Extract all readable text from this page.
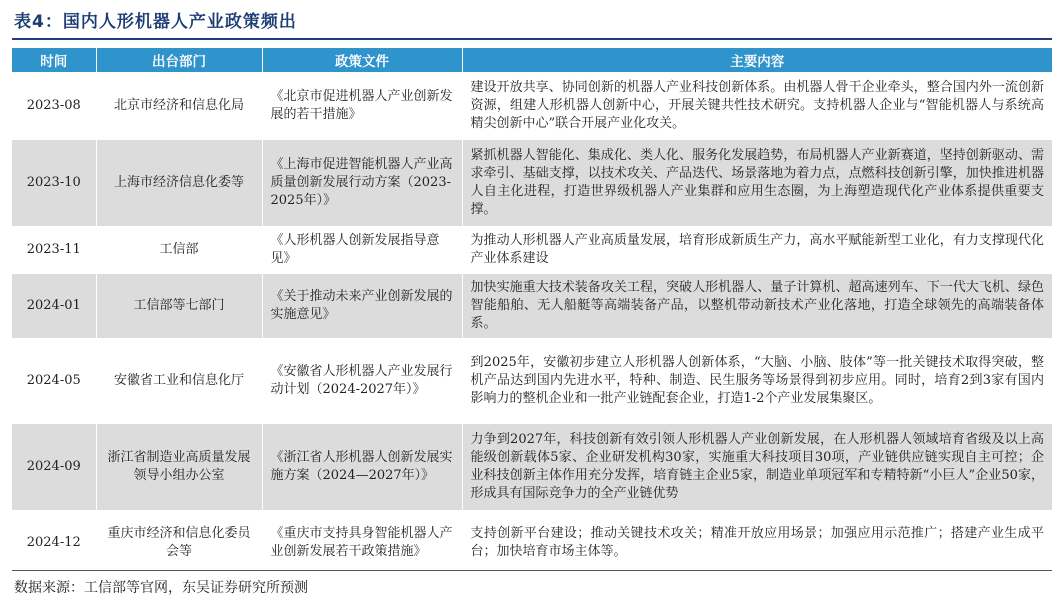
表4：国内人形机器人产业政策频出
时间	出台部门	政策文件	主要内容
2023-08	北京市经济和信息化局	《北京市促进机器人产业创新发展的若干措施》	建设开放共享、协同创新的机器人产业科技创新体系。由机器人骨干企业牵头，整合国内外一流创新资源，组建人形机器人创新中心，开展关键共性技术研究。支持机器人企业与“智能机器人与系统高精尖创新中心”联合开展产业化攻关。
2023-10	上海市经济信息化委等	《上海市促进智能机器人产业高质量创新发展行动方案（2023-2025年）》	紧抓机器人智能化、集成化、类人化、服务化发展趋势，布局机器人产业新赛道，坚持创新驱动、需求牵引、基础支撑，以技术攻关、产品迭代、场景落地为着力点，点燃科技创新引擎，加快推进机器人自主化进程，打造世界级机器人产业集群和应用生态圈，为上海塑造现代化产业体系提供重要支撑。
2023-11	工信部	《人形机器人创新发展指导意见》	为推动人形机器人产业高质量发展，培育形成新质生产力，高水平赋能新型工业化，有力支撑现代化产业体系建设
2024-01	工信部等七部门	《关于推动未来产业创新发展的实施意见》	加快实施重大技术装备攻关工程，突破人形机器人、量子计算机、超高速列车、下一代大飞机、绿色智能船舶、无人船艇等高端装备产品，以整机带动新技术产业化落地，打造全球领先的高端装备体系。
2024-05	安徽省工业和信息化厅	《安徽省人形机器人产业发展行动计划（2024-2027年）》	到2025年，安徽初步建立人形机器人创新体系，“大脑、小脑、肢体”等一批关键技术取得突破，整机产品达到国内先进水平，特种、制造、民生服务等场景得到初步应用。同时，培育2到3家有国内影响力的整机企业和一批产业链配套企业，打造1-2个产业发展集聚区。
2024-09	浙江省制造业高质量发展领导小组办公室	《浙江省人形机器人创新发展实施方案（2024—2027年）》	力争到2027年，科技创新有效引领人形机器人产业创新发展，在人形机器人领域培育省级及以上高能级创新载体5家、企业研发机构30家，实施重大科技项目30项，产业链供应链实现自主可控；企业科技创新主体作用充分发挥，培育链主企业5家，制造业单项冠军和专精特新“小巨人”企业50家，形成具有国际竞争力的全产业链优势
2024-12	重庆市经济和信息化委员会等	《重庆市支持具身智能机器人产业创新发展若干政策措施》	支持创新平台建设；推动关键技术攻关；精准开放应用场景；加强应用示范推广；搭建产业生成平台；加快培育市场主体等。
数据来源：工信部等官网，东吴证券研究所预测
